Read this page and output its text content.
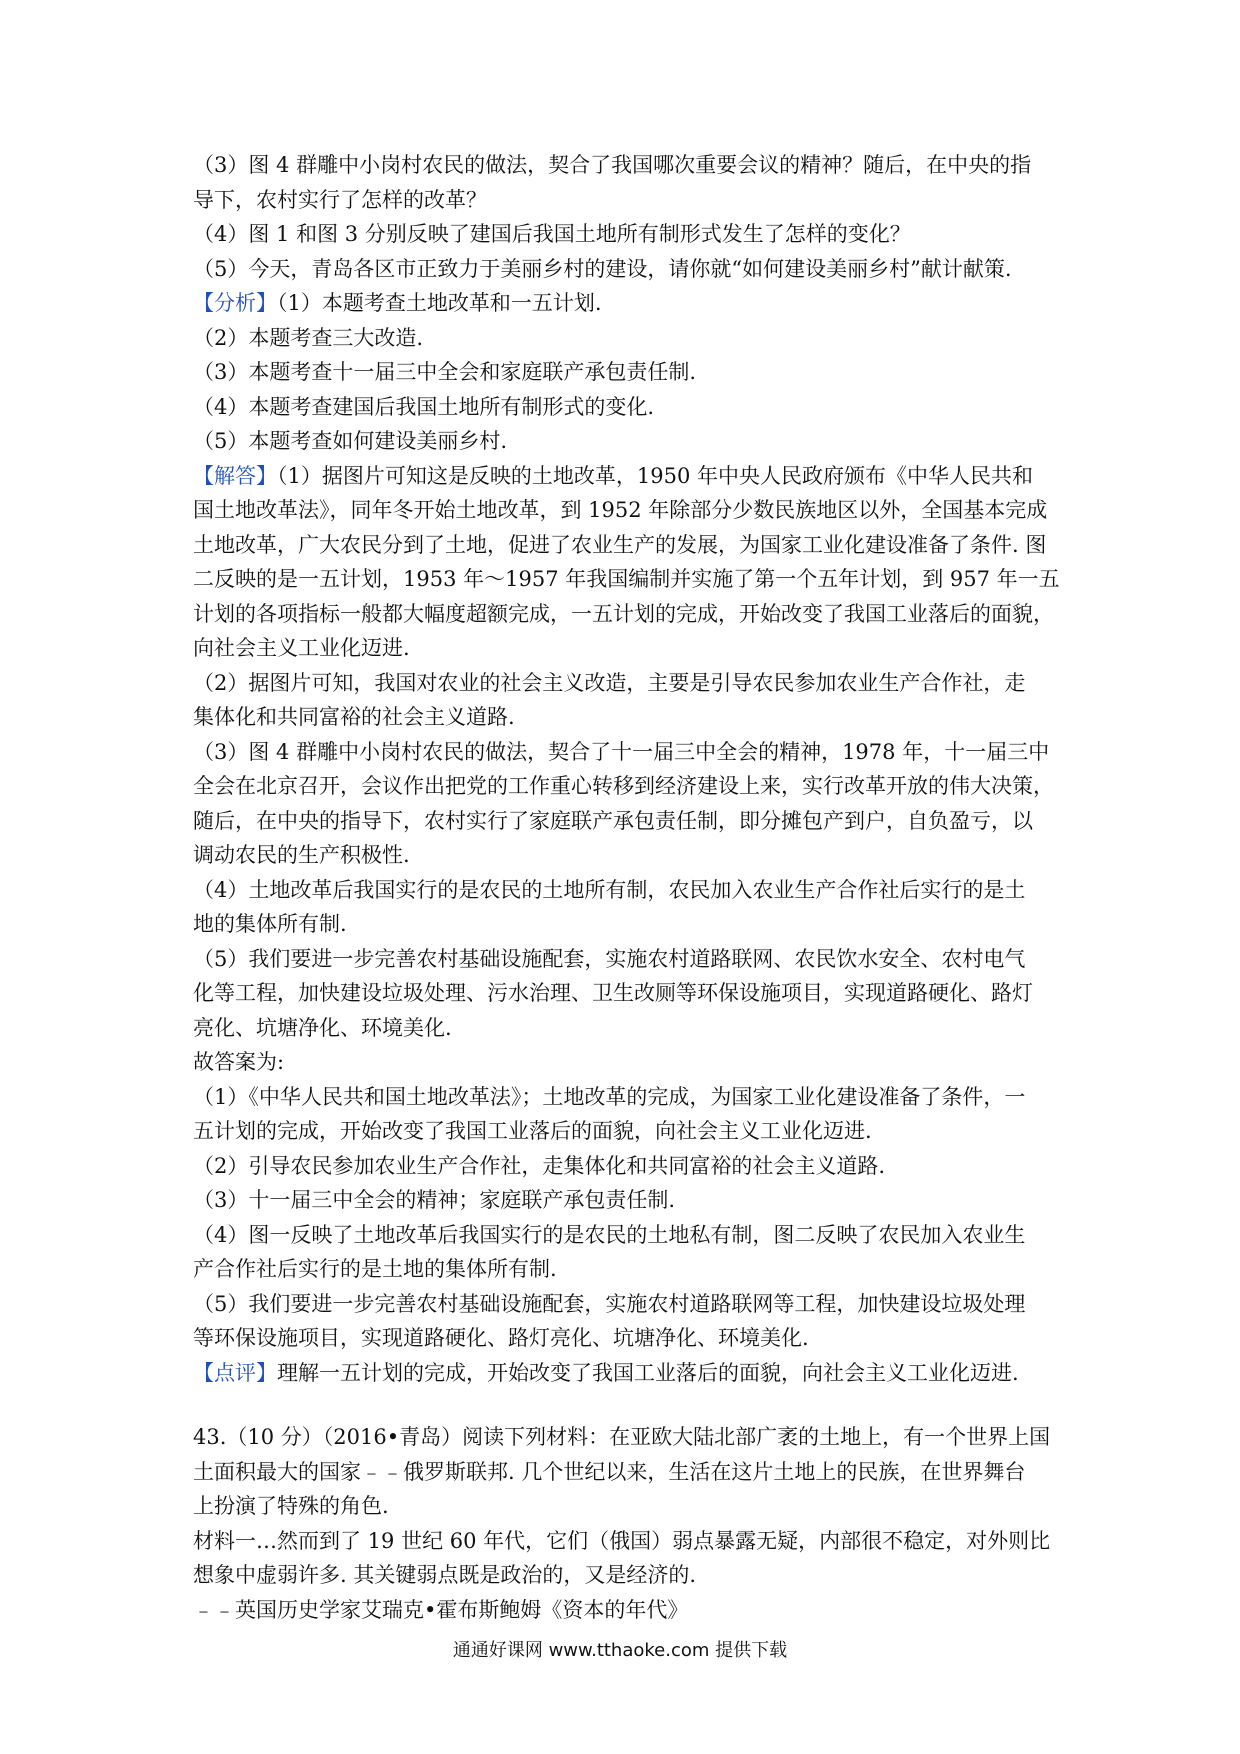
（3）图 4 群雕中小岗村农民的做法，契合了我国哪次重要会议的精神？随后，在中央的指

导下，农村实行了怎样的改革？

（4）图 1 和图 3 分别反映了建国后我国土地所有制形式发生了怎样的变化？

（5）今天，青岛各区市正致力于美丽乡村的建设，请你就“如何建设美丽乡村”献计献策.

【分析】（1）本题考查土地改革和一五计划.

（2）本题考查三大改造.

（3）本题考查十一届三中全会和家庭联产承包责任制.

（4）本题考查建国后我国土地所有制形式的变化.

（5）本题考查如何建设美丽乡村.

【解答】（1）据图片可知这是反映的土地改革，1950 年中央人民政府颁布《中华人民共和

国土地改革法》，同年冬开始土地改革，到 1952 年除部分少数民族地区以外，全国基本完成

土地改革，广大农民分到了土地，促进了农业生产的发展，为国家工业化建设准备了条件. 图

二反映的是一五计划，1953 年～1957 年我国编制并实施了第一个五年计划，到 957 年一五

计划的各项指标一般都大幅度超额完成，一五计划的完成，开始改变了我国工业落后的面貌，

向社会主义工业化迈进.

（2）据图片可知，我国对农业的社会主义改造，主要是引导农民参加农业生产合作社，走

集体化和共同富裕的社会主义道路.

（3）图 4 群雕中小岗村农民的做法，契合了十一届三中全会的精神，1978 年，十一届三中

全会在北京召开，会议作出把党的工作重心转移到经济建设上来，实行改革开放的伟大决策，

随后，在中央的指导下，农村实行了家庭联产承包责任制，即分摊包产到户，自负盈亏，以

调动农民的生产积极性.

（4）土地改革后我国实行的是农民的土地所有制，农民加入农业生产合作社后实行的是土

地的集体所有制.

（5）我们要进一步完善农村基础设施配套，实施农村道路联网、农民饮水安全、农村电气

化等工程，加快建设垃圾处理、污水治理、卫生改厕等环保设施项目，实现道路硬化、路灯

亮化、坑塘净化、环境美化.

故答案为:

（1）《中华人民共和国土地改革法》；土地改革的完成，为国家工业化建设准备了条件，一

五计划的完成，开始改变了我国工业落后的面貌，向社会主义工业化迈进.

（2）引导农民参加农业生产合作社，走集体化和共同富裕的社会主义道路.

（3）十一届三中全会的精神；家庭联产承包责任制.

（4）图一反映了土地改革后我国实行的是农民的土地私有制，图二反映了农民加入农业生

产合作社后实行的是土地的集体所有制.

（5）我们要进一步完善农村基础设施配套，实施农村道路联网等工程，加快建设垃圾处理

等环保设施项目，实现道路硬化、路灯亮化、坑塘净化、环境美化.

【点评】理解一五计划的完成，开始改变了我国工业落后的面貌，向社会主义工业化迈进.

43.（10 分）（2016•青岛）阅读下列材料：在亚欧大陆北部广袤的土地上，有一个世界上国

土面积最大的国家﹣﹣俄罗斯联邦. 几个世纪以来，生活在这片土地上的民族，在世界舞台

上扮演了特殊的角色.

材料一…然而到了 19 世纪 60 年代，它们（俄国）弱点暴露无疑，内部很不稳定，对外则比

想象中虚弱许多. 其关键弱点既是政治的，又是经济的.

﹣﹣英国历史学家艾瑞克•霍布斯鲍姆《资本的年代》

通通好课网 www.tthaoke.com 提供下载
